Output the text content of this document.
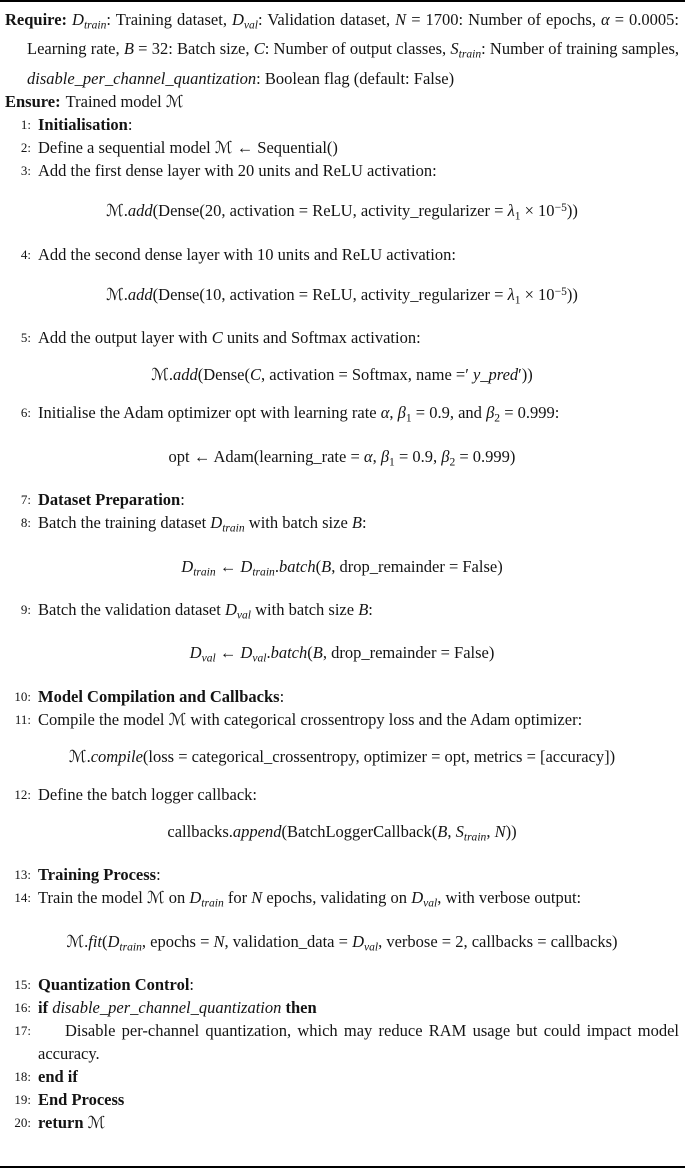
Require: $D_{train}$: Training dataset, $D_{val}$: Validation dataset, N = 1700: Number of epochs, α = 0.0005: Learning rate, B = 32: Batch size, C: Number of output classes, $S_{train}$: Number of training samples, disable_per_channel_quantization: Boolean flag (default: False)
Ensure: Trained model ℳ
1: Initialisation:
2: Define a sequential model ℳ ← Sequential()
3: Add the first dense layer with 20 units and ReLU activation:
ℳ.add(Dense(20, activation = ReLU, activity_regularizer = $\lambda_1 \times 10^{-5}$))
4: Add the second dense layer with 10 units and ReLU activation:
ℳ.add(Dense(10, activation = ReLU, activity_regularizer = $\lambda_1 \times 10^{-5}$))
5: Add the output layer with C units and Softmax activation:
ℳ.add(Dense(C, activation = Softmax, name =′ y_pred′))
6: Initialise the Adam optimizer opt with learning rate α, $\beta_1 = 0.9$, and $\beta_2 = 0.999$:
opt ← Adam(learning_rate = α, $\beta_1 = 0.9$, $\beta_2 = 0.999$)
7: Dataset Preparation:
8: Batch the training dataset $D_{train}$ with batch size B:
$D_{train}$ ← $D_{train}.batch(B$, drop_remainder = False)
9: Batch the validation dataset $D_{val}$ with batch size B:
$D_{val}$ ← $D_{val}.batch(B$, drop_remainder = False)
10: Model Compilation and Callbacks:
11: Compile the model ℳ with categorical crossentropy loss and the Adam optimizer:
ℳ.compile(loss = categorical_crossentropy, optimizer = opt, metrics = [accuracy])
12: Define the batch logger callback:
callbacks.append(BatchLoggerCallback(B, $S_{train}$, N))
13: Training Process:
14: Train the model ℳ on $D_{train}$ for N epochs, validating on $D_{val}$, with verbose output:
$ℳ.fit(D_{train}$, epochs = N, validation_data = $D_{val}$, verbose = 2, callbacks = callbacks)
15: Quantization Control:
16: if disable_per_channel_quantization then
17:	Disable per-channel quantization, which may reduce RAM usage but could impact model accuracy.
18: end if
19: End Process
20: return ℳ
